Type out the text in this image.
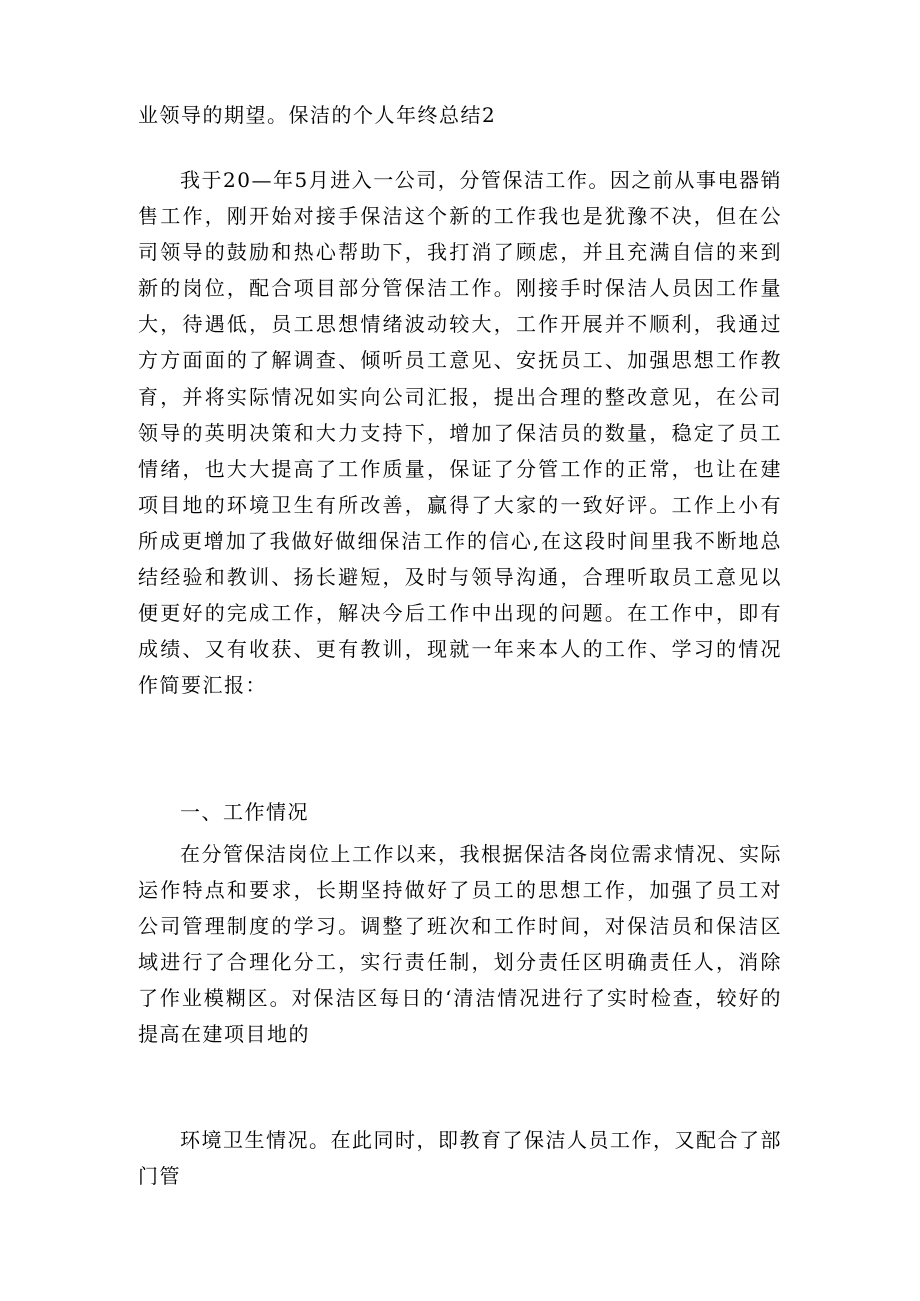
业领导的期望。保洁的个人年终总结2

我于20—年5月进入一公司，分管保洁工作。因之前从事电器销售工作，刚开始对接手保洁这个新的工作我也是犹豫不决，但在公司领导的鼓励和热心帮助下，我打消了顾虑，并且充满自信的来到新的岗位，配合项目部分管保洁工作。刚接手时保洁人员因工作量大，待遇低，员工思想情绪波动较大，工作开展并不顺利，我通过方方面面的了解调查、倾听员工意见、安抚员工、加强思想工作教育，并将实际情况如实向公司汇报，提出合理的整改意见，在公司领导的英明决策和大力支持下，增加了保洁员的数量，稳定了员工情绪，也大大提高了工作质量，保证了分管工作的正常，也让在建项目地的环境卫生有所改善，赢得了大家的一致好评。工作上小有所成更增加了我做好做细保洁工作的信心,在这段时间里我不断地总结经验和教训、扬长避短，及时与领导沟通，合理听取员工意见以便更好的完成工作，解决今后工作中出现的问题。在工作中，即有成绩、又有收获、更有教训，现就一年来本人的工作、学习的情况作简要汇报：

一、工作情况

在分管保洁岗位上工作以来，我根据保洁各岗位需求情况、实际运作特点和要求，长期坚持做好了员工的思想工作，加强了员工对公司管理制度的学习。调整了班次和工作时间，对保洁员和保洁区域进行了合理化分工，实行责任制，划分责任区明确责任人，消除了作业模糊区。对保洁区每日的‘清洁情况进行了实时检查，较好的提高在建项目地的

环境卫生情况。在此同时，即教育了保洁人员工作，又配合了部门管
